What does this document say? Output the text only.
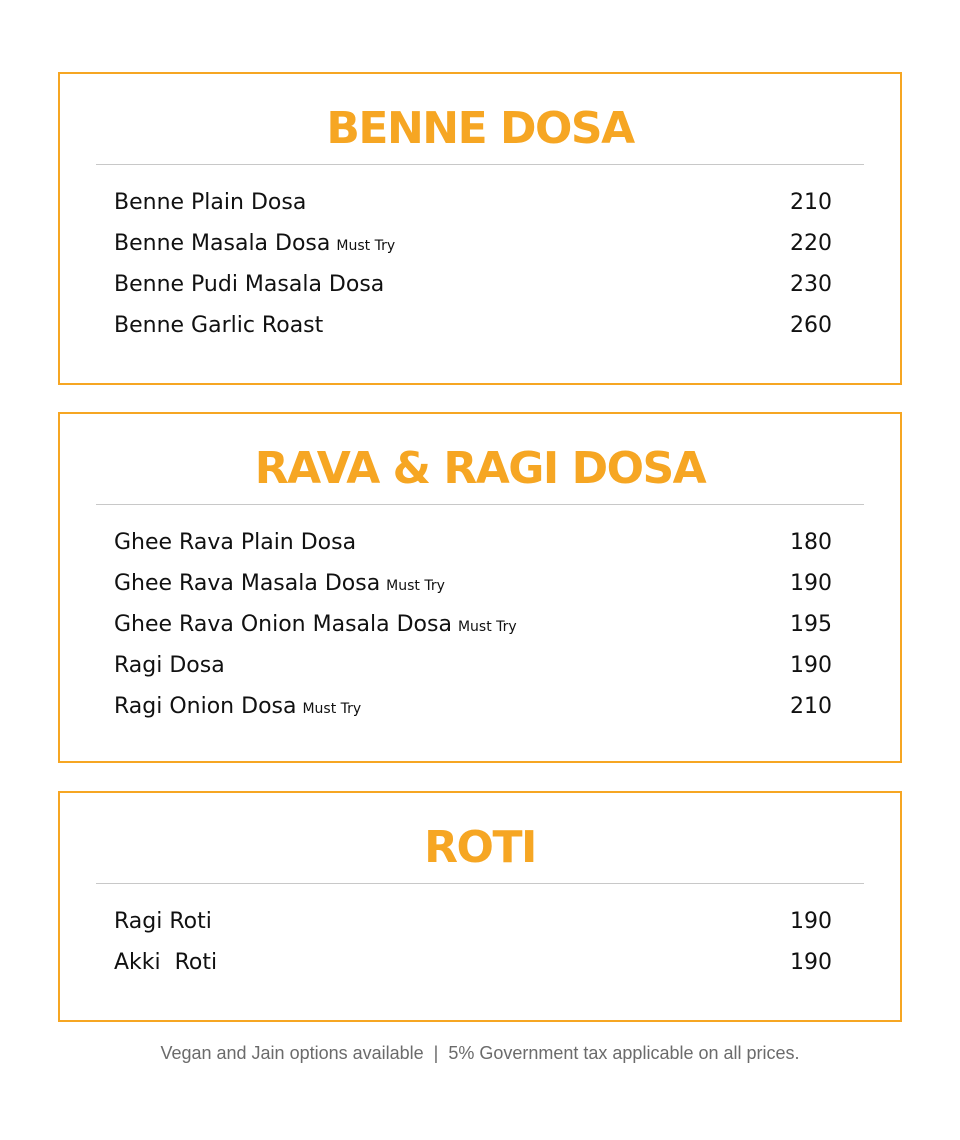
BENNE DOSA
Benne Plain Dosa	210
Benne Masala Dosa Must Try	220
Benne Pudi Masala Dosa	230
Benne Garlic Roast	260
RAVA & RAGI DOSA
Ghee Rava Plain Dosa	180
Ghee Rava Masala Dosa Must Try	190
Ghee Rava Onion Masala Dosa Must Try	195
Ragi Dosa	190
Ragi Onion Dosa Must Try	210
ROTI
Ragi Roti	190
Akki  Roti	190
Vegan and Jain options available  |  5% Government tax applicable on all prices.
